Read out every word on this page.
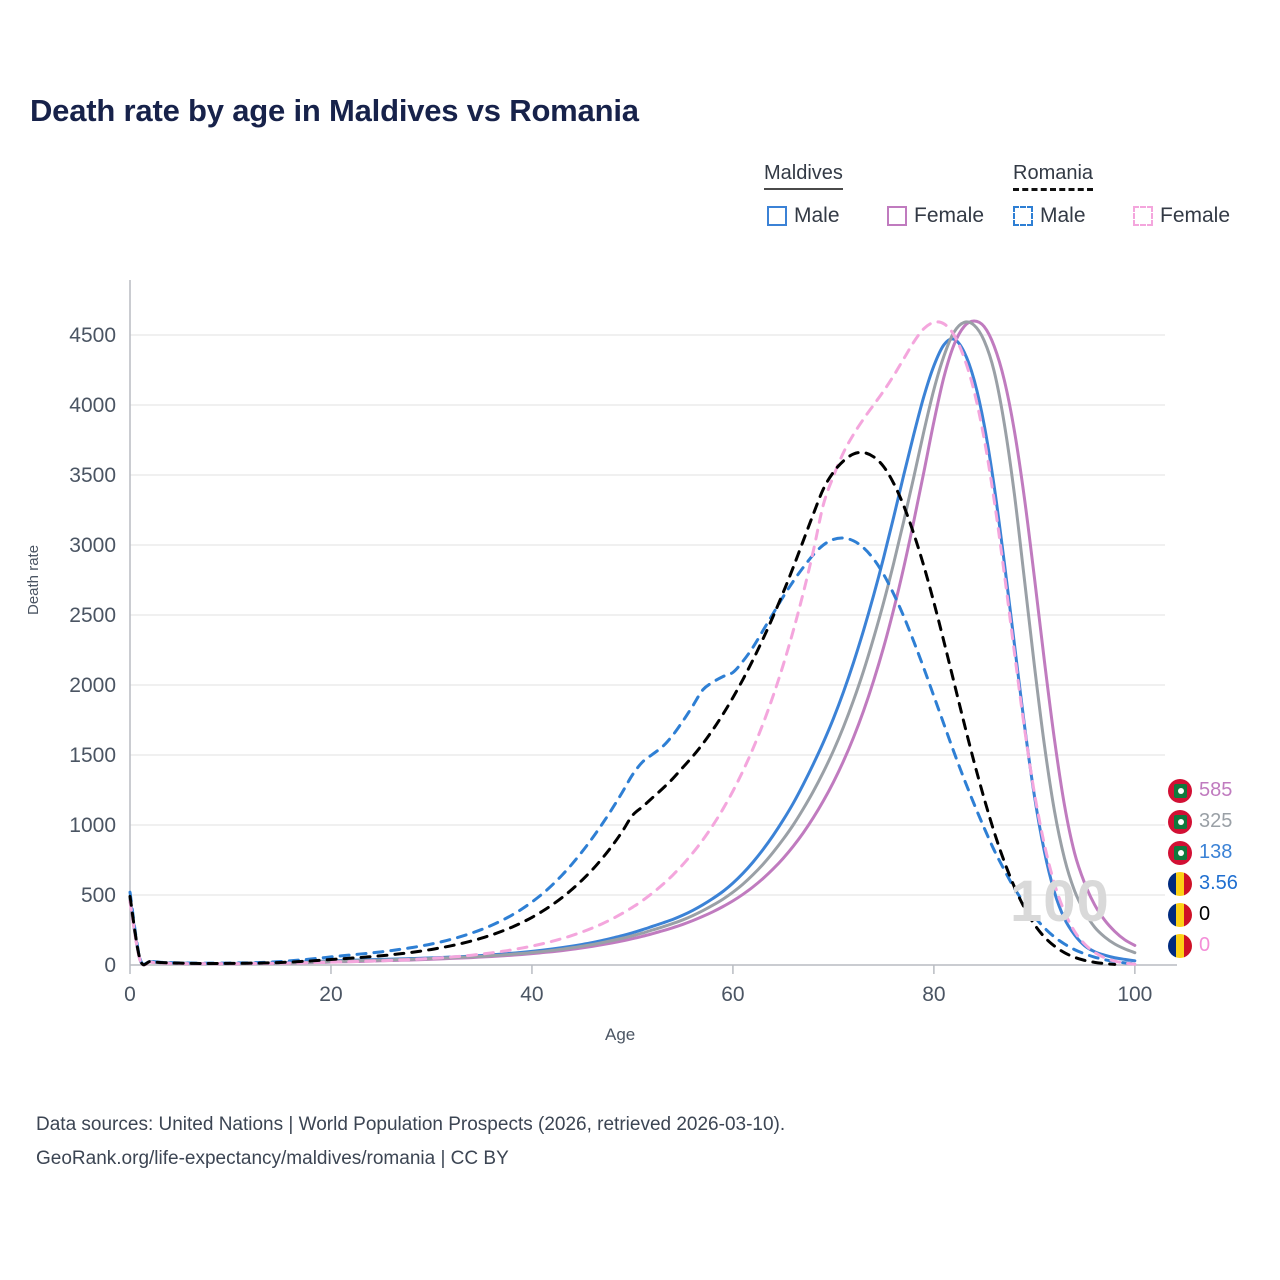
Death rate by age in Maldives vs Romania
Maldives	Romania
Male	Female	Male	Female
0
500
1000
1500
2000
2500
3000
3500
4000
4500
0	20	40	60	80	100
Death rate
Age
100
585
325
138
3.56
0
0
Data sources: United Nations | World Population Prospects (2026, retrieved 2026-03-10).
GeoRank.org/life-expectancy/maldives/romania | CC BY
